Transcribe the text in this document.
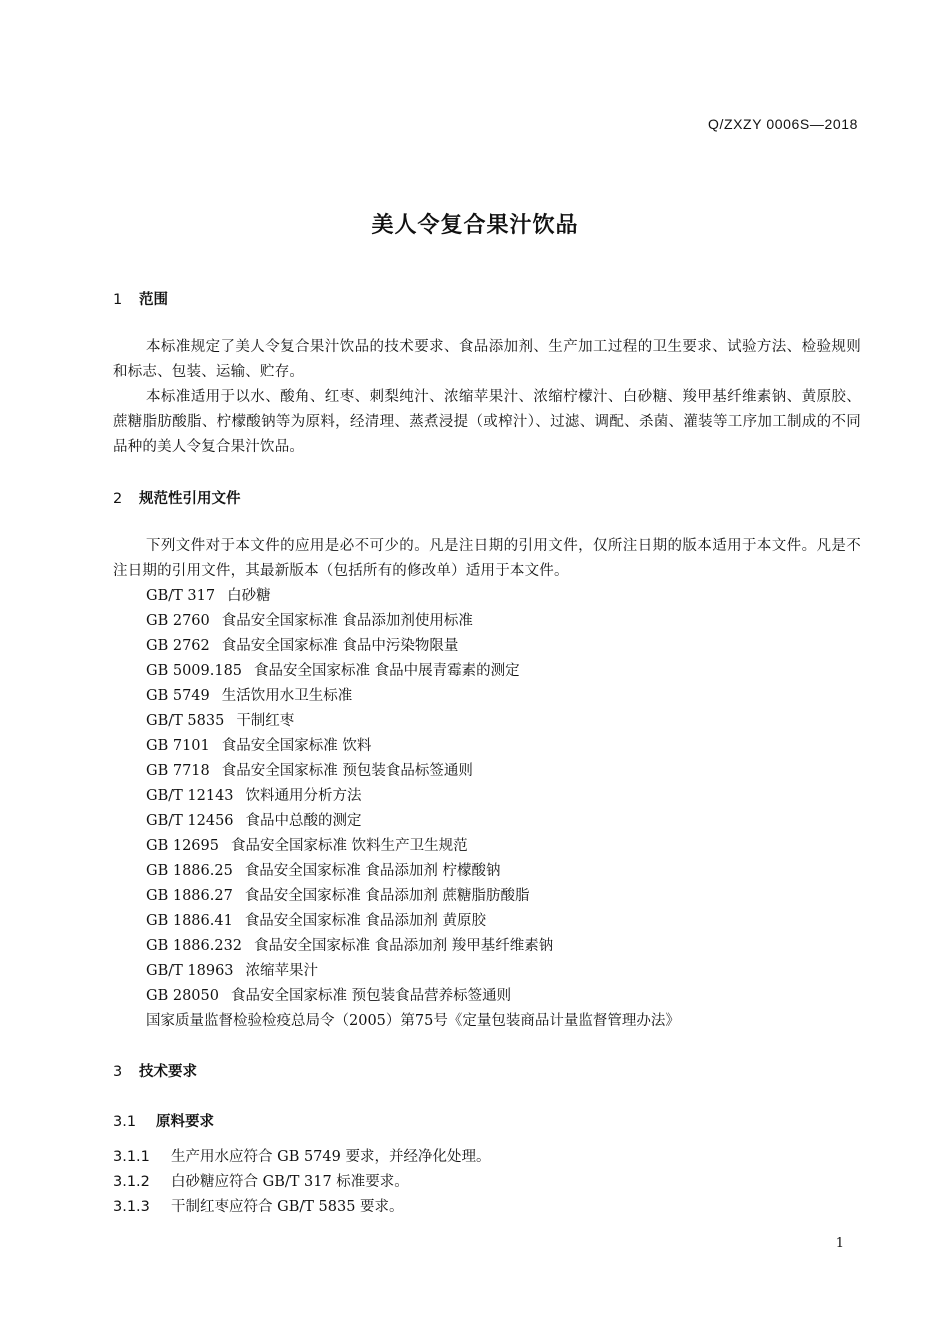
Q/ZXZY 0006S—2018
美人令复合果汁饮品
1 范围
本标准规定了美人令复合果汁饮品的技术要求、食品添加剂、生产加工过程的卫生要求、试验方法、检验规则和标志、包装、运输、贮存。
本标准适用于以水、酸角、红枣、刺梨纯汁、浓缩苹果汁、浓缩柠檬汁、白砂糖、羧甲基纤维素钠、黄原胶、蔗糖脂肪酸脂、柠檬酸钠等为原料，经清理、蒸煮浸提（或榨汁）、过滤、调配、杀菌、灌装等工序加工制成的不同品种的美人令复合果汁饮品。
2 规范性引用文件
下列文件对于本文件的应用是必不可少的。凡是注日期的引用文件，仅所注日期的版本适用于本文件。凡是不注日期的引用文件，其最新版本（包括所有的修改单）适用于本文件。
GB/T 317 白砂糖
GB 2760 食品安全国家标准 食品添加剂使用标准
GB 2762 食品安全国家标准 食品中污染物限量
GB 5009.185 食品安全国家标准 食品中展青霉素的测定
GB 5749 生活饮用水卫生标准
GB/T 5835 干制红枣
GB 7101 食品安全国家标准 饮料
GB 7718 食品安全国家标准 预包装食品标签通则
GB/T 12143 饮料通用分析方法
GB/T 12456 食品中总酸的测定
GB 12695 食品安全国家标准 饮料生产卫生规范
GB 1886.25 食品安全国家标准 食品添加剂 柠檬酸钠
GB 1886.27 食品安全国家标准 食品添加剂 蔗糖脂肪酸脂
GB 1886.41 食品安全国家标准 食品添加剂 黄原胶
GB 1886.232 食品安全国家标准 食品添加剂 羧甲基纤维素钠
GB/T 18963 浓缩苹果汁
GB 28050 食品安全国家标准 预包装食品营养标签通则
国家质量监督检验检疫总局令（2005）第75号《定量包装商品计量监督管理办法》
3 技术要求
3.1 原料要求
3.1.1 生产用水应符合 GB 5749 要求，并经净化处理。
3.1.2 白砂糖应符合 GB/T 317 标准要求。
3.1.3 干制红枣应符合 GB/T 5835 要求。
1
